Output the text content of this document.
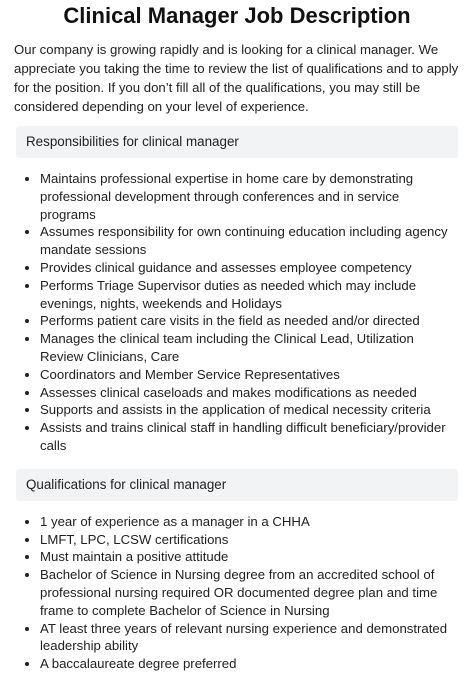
Clinical Manager Job Description

Our company is growing rapidly and is looking for a clinical manager. We appreciate you taking the time to review the list of qualifications and to apply for the position. If you don’t fill all of the qualifications, you may still be considered depending on your level of experience.

Responsibilities for clinical manager
• Maintains professional expertise in home care by demonstrating professional development through conferences and in service programs
• Assumes responsibility for own continuing education including agency mandate sessions
• Provides clinical guidance and assesses employee competency
• Performs Triage Supervisor duties as needed which may include evenings, nights, weekends and Holidays
• Performs patient care visits in the field as needed and/or directed
• Manages the clinical team including the Clinical Lead, Utilization Review Clinicians, Care
• Coordinators and Member Service Representatives
• Assesses clinical caseloads and makes modifications as needed
• Supports and assists in the application of medical necessity criteria
• Assists and trains clinical staff in handling difficult beneficiary/provider calls
Qualifications for clinical manager
• 1 year of experience as a manager in a CHHA
• LMFT, LPC, LCSW certifications
• Must maintain a positive attitude
• Bachelor of Science in Nursing degree from an accredited school of professional nursing required OR documented degree plan and time frame to complete Bachelor of Science in Nursing
• AT least three years of relevant nursing experience and demonstrated leadership ability
• A baccalaureate degree preferred
